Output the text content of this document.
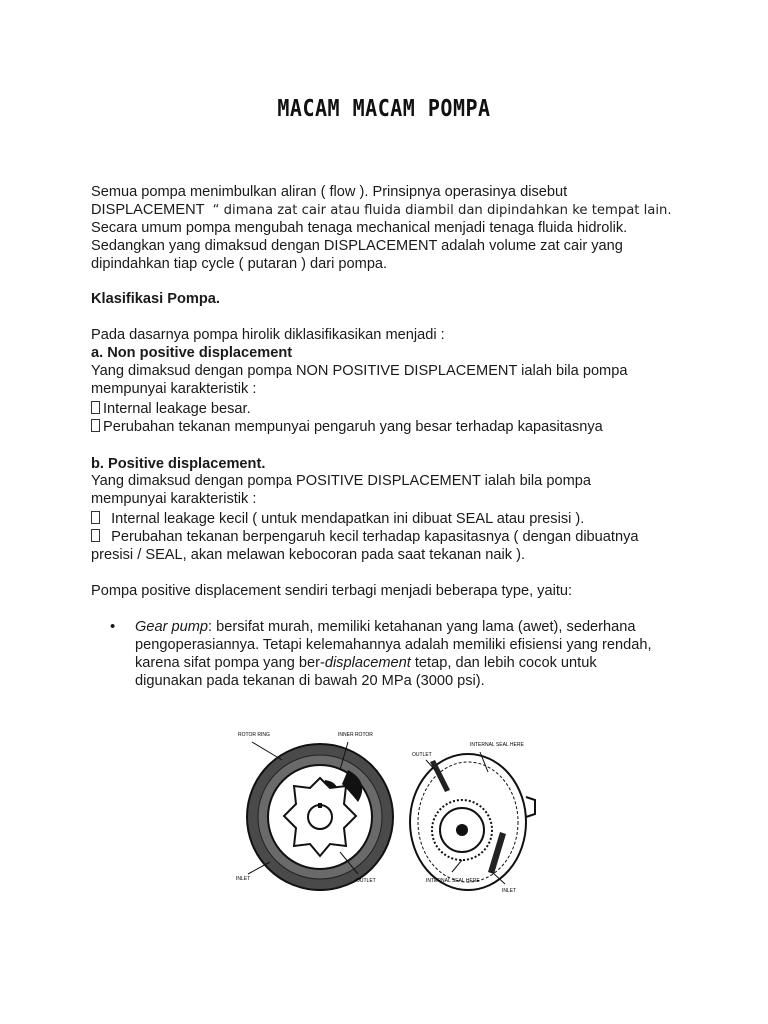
MACAM MACAM POMPA
Semua pompa menimbulkan aliran ( flow ). Prinsipnya operasinya disebut
DISPLACEMENT “ dimana zat cair atau fluida diambil dan dipindahkan ke tempat lain.
Secara umum pompa mengubah tenaga mechanical menjadi tenaga fluida hidrolik.
Sedangkan yang dimaksud dengan DISPLACEMENT adalah volume zat cair yang
dipindahkan tiap cycle ( putaran ) dari pompa.
Klasifikasi Pompa.
Pada dasarnya pompa hirolik diklasifikasikan menjadi :
a. Non positive displacement
Yang dimaksud dengan pompa NON POSITIVE DISPLACEMENT ialah bila pompa
mempunyai karakteristik :
Internal leakage besar.
Perubahan tekanan mempunyai pengaruh yang besar terhadap kapasitasnya
b. Positive displacement.
Yang dimaksud dengan pompa POSITIVE DISPLACEMENT ialah bila pompa
mempunyai karakteristik :
Internal leakage kecil ( untuk mendapatkan ini dibuat SEAL atau presisi ).
Perubahan tekanan berpengaruh kecil terhadap kapasitasnya ( dengan dibuatnya
presisi / SEAL, akan melawan kebocoran pada saat tekanan naik ).
Pompa positive displacement sendiri terbagi menjadi beberapa type, yaitu:
• Gear pump: bersifat murah, memiliki ketahanan yang lama (awet), sederhana
pengoperasiannya. Tetapi kelemahannya adalah memiliki efisiensi yang rendah,
karena sifat pompa yang ber-displacement tetap, dan lebih cocok untuk
digunakan pada tekanan di bawah 20 MPa (3000 psi).
ROTOR RING	INNER ROTOR
INLET	OUTLET
OUTLET
INTERNAL SEAL HERE
INTERNAL SEAL HERE
INLET
